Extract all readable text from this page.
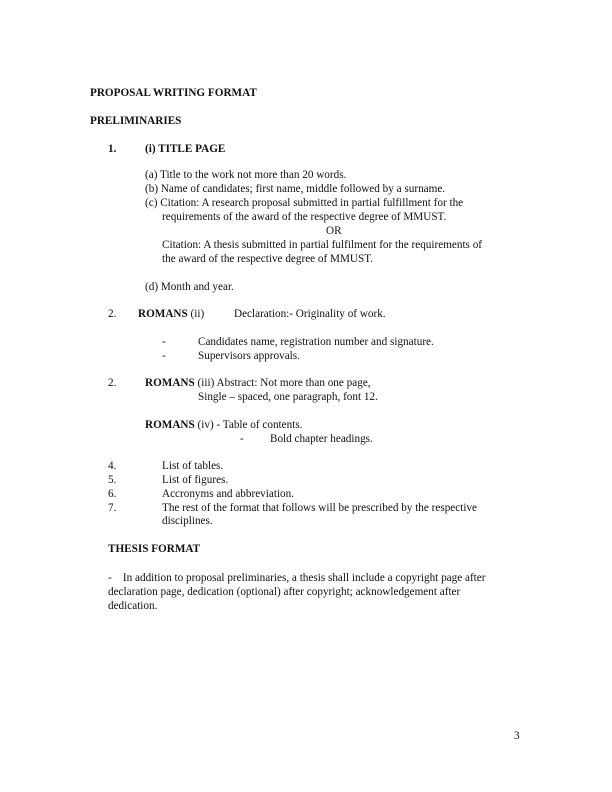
PROPOSAL WRITING FORMAT
PRELIMINARIES
1.	(i) TITLE PAGE
(a) Title to the work not more than 20 words.
(b) Name of candidates; first name, middle followed by a surname.
(c) Citation: A research proposal submitted in partial fulfillment for the
requirements of the award of the respective degree of MMUST.
OR
Citation: A thesis submitted in partial fulfilment for the requirements of
the award of the respective degree of MMUST.
(d) Month and year.
2. ROMANS (ii)	Declaration:- Originality of work.
-	Candidates name, registration number and signature.
-	Supervisors approvals.
2.	ROMANS (iii) Abstract: Not more than one page,
Single – spaced, one paragraph, font 12.
ROMANS (iv) - Table of contents.
- Bold chapter headings.
4.	List of tables.
5.	List of figures.
6.	Accronyms and abbreviation.
7.	The rest of the format that follows will be prescribed by the respective
disciplines.
THESIS FORMAT
-    In addition to proposal preliminaries, a thesis shall include a copyright page after
declaration page, dedication (optional) after copyright; acknowledgement after
dedication.
3
